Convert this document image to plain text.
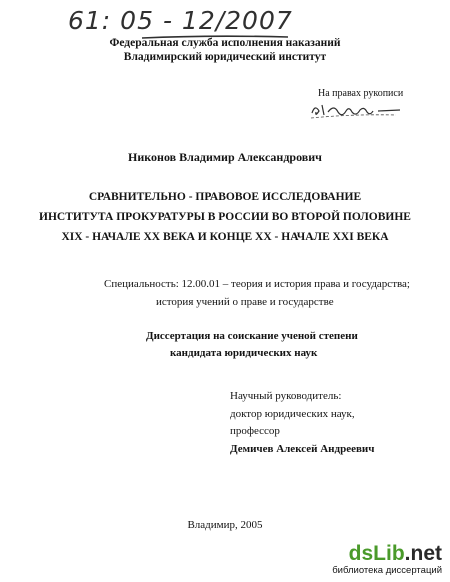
61: 05 - 12/2007
Федеральная служба исполнения наказаний
Владимирский юридический институт
На правах рукописи
Никонов Владимир Александрович
СРАВНИТЕЛЬНО - ПРАВОВОЕ ИССЛЕДОВАНИЕ
ИНСТИТУТА ПРОКУРАТУРЫ В РОССИИ ВО ВТОРОЙ ПОЛОВИНЕ
XIX - НАЧАЛЕ XX ВЕКА И КОНЦЕ XX - НАЧАЛЕ XXI ВЕКА
Специальность: 12.00.01 – теория и история права и государства;
история учений о праве и государстве
Диссертация на соискание ученой степени
кандидата юридических наук
Научный руководитель:
доктор юридических наук,
профессор
Демичев Алексей Андреевич
Владимир, 2005
dsLib.net
библиотека диссертаций
